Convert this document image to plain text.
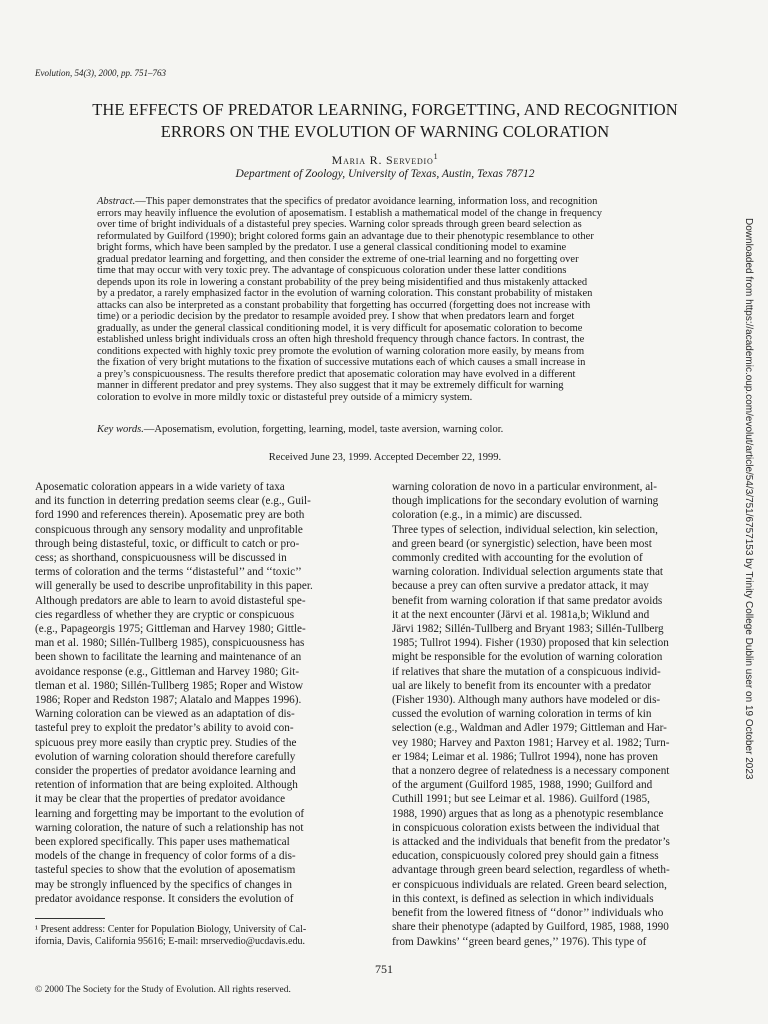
Evolution, 54(3), 2000, pp. 751–763
THE EFFECTS OF PREDATOR LEARNING, FORGETTING, AND RECOGNITION
ERRORS ON THE EVOLUTION OF WARNING COLORATION
Maria R. Servedio$^1$
Department of Zoology, University of Texas, Austin, Texas 78712
Abstract.—This paper demonstrates that the specifics of predator avoidance learning, information loss, and recognition
errors may heavily influence the evolution of aposematism. I establish a mathematical model of the change in frequency
over time of bright individuals of a distasteful prey species. Warning color spreads through green beard selection as
reformulated by Guilford (1990); bright colored forms gain an advantage due to their phenotypic resemblance to other
bright forms, which have been sampled by the predator. I use a general classical conditioning model to examine
gradual predator learning and forgetting, and then consider the extreme of one-trial learning and no forgetting over
time that may occur with very toxic prey. The advantage of conspicuous coloration under these latter conditions
depends upon its role in lowering a constant probability of the prey being misidentified and thus mistakenly attacked
by a predator, a rarely emphasized factor in the evolution of warning coloration. This constant probability of mistaken
attacks can also be interpreted as a constant probability that forgetting has occurred (forgetting does not increase with
time) or a periodic decision by the predator to resample avoided prey. I show that when predators learn and forget
gradually, as under the general classical conditioning model, it is very difficult for aposematic coloration to become
established unless bright individuals cross an often high threshold frequency through chance factors. In contrast, the
conditions expected with highly toxic prey promote the evolution of warning coloration more easily, by means from
the fixation of very bright mutations to the fixation of successive mutations each of which causes a small increase in
a prey’s conspicuousness. The results therefore predict that aposematic coloration may have evolved in a different
manner in different predator and prey systems. They also suggest that it may be extremely difficult for warning
coloration to evolve in more mildly toxic or distasteful prey outside of a mimicry system.
Key words.—Aposematism, evolution, forgetting, learning, model, taste aversion, warning color.
Received June 23, 1999. Accepted December 22, 1999.
Aposematic coloration appears in a wide variety of taxa
and its function in deterring predation seems clear (e.g., Guil-
ford 1990 and references therein). Aposematic prey are both
conspicuous through any sensory modality and unprofitable
through being distasteful, toxic, or difficult to catch or pro-
cess; as shorthand, conspicuousness will be discussed in
terms of coloration and the terms ‘‘distasteful’’ and ‘‘toxic’’
will generally be used to describe unprofitability in this paper.
Although predators are able to learn to avoid distasteful spe-
cies regardless of whether they are cryptic or conspicuous
(e.g., Papageorgis 1975; Gittleman and Harvey 1980; Gittle-
man et al. 1980; Sillén-Tullberg 1985), conspicuousness has
been shown to facilitate the learning and maintenance of an
avoidance response (e.g., Gittleman and Harvey 1980; Git-
tleman et al. 1980; Sillén-Tullberg 1985; Roper and Wistow
1986; Roper and Redston 1987; Alatalo and Mappes 1996).
Warning coloration can be viewed as an adaptation of dis-
tasteful prey to exploit the predator’s ability to avoid con-
spicuous prey more easily than cryptic prey. Studies of the
evolution of warning coloration should therefore carefully
consider the properties of predator avoidance learning and
retention of information that are being exploited. Although
it may be clear that the properties of predator avoidance
learning and forgetting may be important to the evolution of
warning coloration, the nature of such a relationship has not
been explored specifically. This paper uses mathematical
models of the change in frequency of color forms of a dis-
tasteful species to show that the evolution of aposematism
may be strongly influenced by the specifics of changes in
predator avoidance response. It considers the evolution of
warning coloration de novo in a particular environment, al-
though implications for the secondary evolution of warning
coloration (e.g., in a mimic) are discussed.
Three types of selection, individual selection, kin selection,
and green beard (or synergistic) selection, have been most
commonly credited with accounting for the evolution of
warning coloration. Individual selection arguments state that
because a prey can often survive a predator attack, it may
benefit from warning coloration if that same predator avoids
it at the next encounter (Järvi et al. 1981a,b; Wiklund and
Järvi 1982; Sillén-Tullberg and Bryant 1983; Sillén-Tullberg
1985; Tullrot 1994). Fisher (1930) proposed that kin selection
might be responsible for the evolution of warning coloration
if relatives that share the mutation of a conspicuous individ-
ual are likely to benefit from its encounter with a predator
(Fisher 1930). Although many authors have modeled or dis-
cussed the evolution of warning coloration in terms of kin
selection (e.g., Waldman and Adler 1979; Gittleman and Har-
vey 1980; Harvey and Paxton 1981; Harvey et al. 1982; Turn-
er 1984; Leimar et al. 1986; Tullrot 1994), none has proven
that a nonzero degree of relatedness is a necessary component
of the argument (Guilford 1985, 1988, 1990; Guilford and
Cuthill 1991; but see Leimar et al. 1986). Guilford (1985,
1988, 1990) argues that as long as a phenotypic resemblance
in conspicuous coloration exists between the individual that
is attacked and the individuals that benefit from the predator’s
education, conspicuously colored prey should gain a fitness
advantage through green beard selection, regardless of wheth-
er conspicuous individuals are related. Green beard selection,
in this context, is defined as selection in which individuals
benefit from the lowered fitness of ‘‘donor’’ individuals who
share their phenotype (adapted by Guilford, 1985, 1988, 1990
from Dawkins’ ‘‘green beard genes,’’ 1976). This type of
¹ Present address: Center for Population Biology, University of Cal-
ifornia, Davis, California 95616; E-mail: mrservedio@ucdavis.edu.
751
© 2000 The Society for the Study of Evolution. All rights reserved.
Downloaded from https://academic.oup.com/evolut/article/54/3/751/6757153 by Trinity College Dublin user on 19 October 2023
